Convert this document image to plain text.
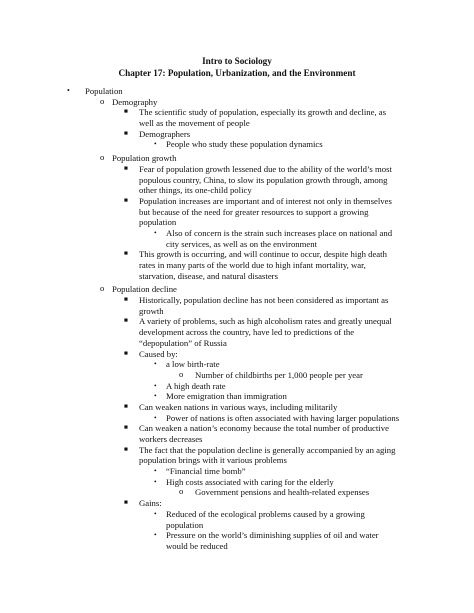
Intro to Sociology
Chapter 17: Population, Urbanization, and the Environment
• Population
o Demography
■ The scientific study of population, especially its growth and decline, as
well as the movement of people
■ Demographers
• People who study these population dynamics
o Population growth
■ Fear of population growth lessened due to the ability of the world’s most
populous country, China, to slow its population growth through, among
other things, its one-child policy
■ Population increases are important and of interest not only in themselves
but because of the need for greater resources to support a growing
population
• Also of concern is the strain such increases place on national and
city services, as well as on the environment
■ This growth is occurring, and will continue to occur, despite high death
rates in many parts of the world due to high infant mortality, war,
starvation, disease, and natural disasters
o Population decline
■ Historically, population decline has not been considered as important as
growth
■ A variety of problems, such as high alcoholism rates and greatly unequal
development across the country, have led to predictions of the
“depopulation” of Russia
■ Caused by:
• a low birth-rate
o Number of childbirths per 1,000 people per year
• A high death rate
• More emigration than immigration
■ Can weaken nations in various ways, including militarily
• Power of nations is often associated with having larger populations
■ Can weaken a nation’s economy because the total number of productive
workers decreases
■ The fact that the population decline is generally accompanied by an aging
population brings with it various problems
• “Financial time bomb”
• High costs associated with caring for the elderly
o Government pensions and health-related expenses
■ Gains:
• Reduced of the ecological problems caused by a growing
population
• Pressure on the world’s diminishing supplies of oil and water
would be reduced
